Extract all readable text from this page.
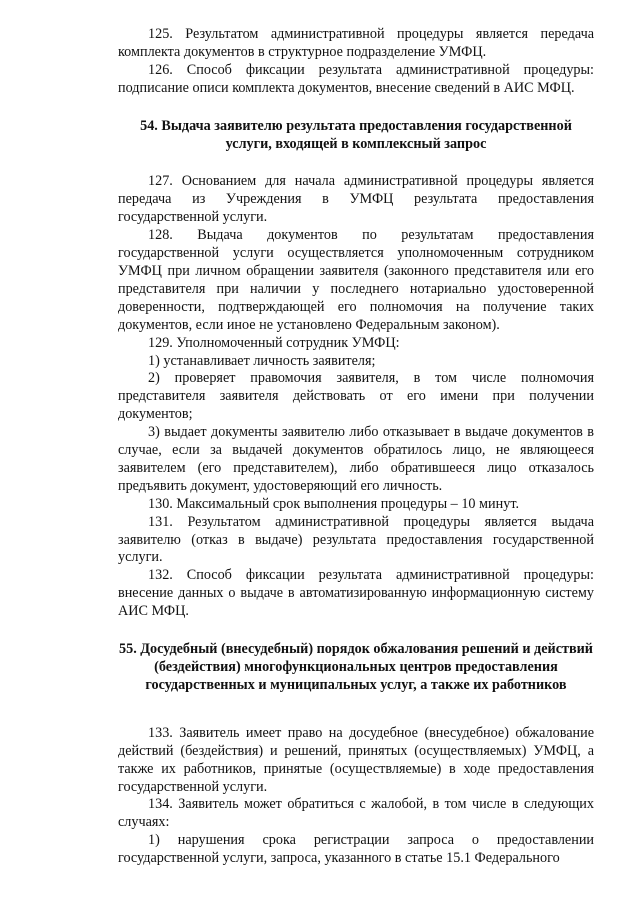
125. Результатом административной процедуры является передача комплекта документов в структурное подразделение УМФЦ.

126. Способ фиксации результата административной процедуры: подписание описи комплекта документов, внесение сведений в АИС МФЦ.

54. Выдача заявителю результата предоставления государственной услуги, входящей в комплексный запрос

127. Основанием для начала административной процедуры является передача из Учреждения в УМФЦ результата предоставления государственной услуги.

128. Выдача документов по результатам предоставления государственной услуги осуществляется уполномоченным сотрудником УМФЦ при личном обращении заявителя (законного представителя или его представителя при наличии у последнего нотариально удостоверенной доверенности, подтверждающей его полномочия на получение таких документов, если иное не установлено Федеральным законом).

129. Уполномоченный сотрудник УМФЦ:

1) устанавливает личность заявителя;

2) проверяет правомочия заявителя, в том числе полномочия представителя заявителя действовать от его имени при получении документов;

3) выдает документы заявителю либо отказывает в выдаче документов в случае, если за выдачей документов обратилось лицо, не являющееся заявителем (его представителем), либо обратившееся лицо отказалось предъявить документ, удостоверяющий его личность.

130. Максимальный срок выполнения процедуры – 10 минут.

131. Результатом административной процедуры является выдача заявителю (отказ в выдаче) результата предоставления государственной услуги.

132. Способ фиксации результата административной процедуры: внесение данных о выдаче в автоматизированную информационную систему АИС МФЦ.

55. Досудебный (внесудебный) порядок обжалования решений и действий (бездействия) многофункциональных центров предоставления государственных и муниципальных услуг, а также их работников

133. Заявитель имеет право на досудебное (внесудебное) обжалование действий (бездействия) и решений, принятых (осуществляемых) УМФЦ, а также их работников, принятые (осуществляемые) в ходе предоставления государственной услуги.

134. Заявитель может обратиться с жалобой, в том числе в следующих случаях:

1) нарушения срока регистрации запроса о предоставлении государственной услуги, запроса, указанного в статье 15.1 Федерального
